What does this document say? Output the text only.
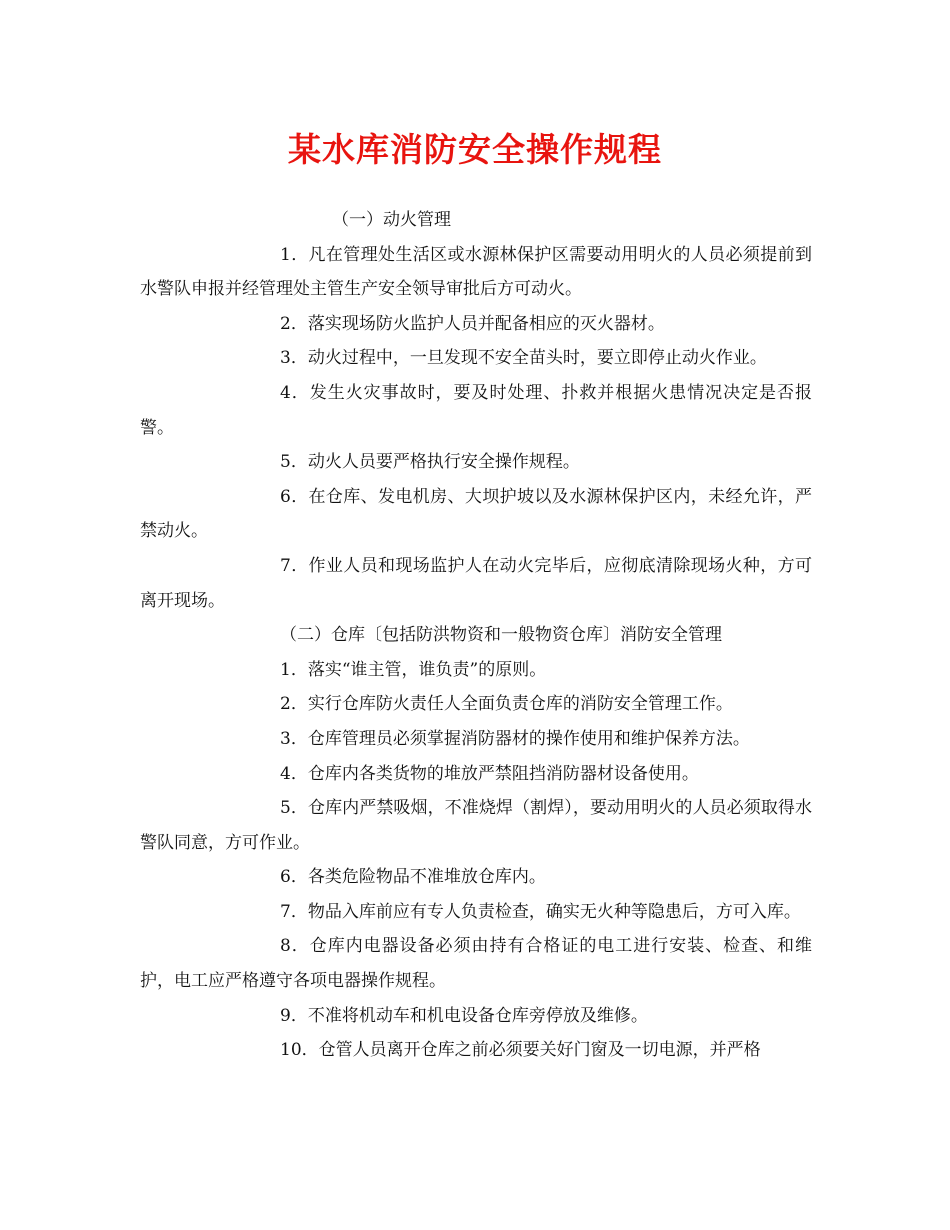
某水库消防安全操作规程

（一）动火管理

1．凡在管理处生活区或水源林保护区需要动用明火的人员必须提前到水警队申报并经管理处主管生产安全领导审批后方可动火。

2．落实现场防火监护人员并配备相应的灭火器材。

3．动火过程中，一旦发现不安全苗头时，要立即停止动火作业。

4．发生火灾事故时，要及时处理、扑救并根据火患情况决定是否报警。

5．动火人员要严格执行安全操作规程。

6．在仓库、发电机房、大坝护坡以及水源林保护区内，未经允许，严禁动火。

7．作业人员和现场监护人在动火完毕后，应彻底清除现场火种，方可离开现场。

（二）仓库〔包括防洪物资和一般物资仓库〕消防安全管理

1．落实“谁主管，谁负责”的原则。

2．实行仓库防火责任人全面负责仓库的消防安全管理工作。

3．仓库管理员必须掌握消防器材的操作使用和维护保养方法。

4．仓库内各类货物的堆放严禁阻挡消防器材设备使用。

5．仓库内严禁吸烟，不准烧焊（割焊），要动用明火的人员必须取得水警队同意，方可作业。

6．各类危险物品不准堆放仓库内。

7．物品入库前应有专人负责检查，确实无火种等隐患后，方可入库。

8．仓库内电器设备必须由持有合格证的电工进行安装、检查、和维护，电工应严格遵守各项电器操作规程。

9．不准将机动车和机电设备仓库旁停放及维修。

10．仓管人员离开仓库之前必须要关好门窗及一切电源，并严格
